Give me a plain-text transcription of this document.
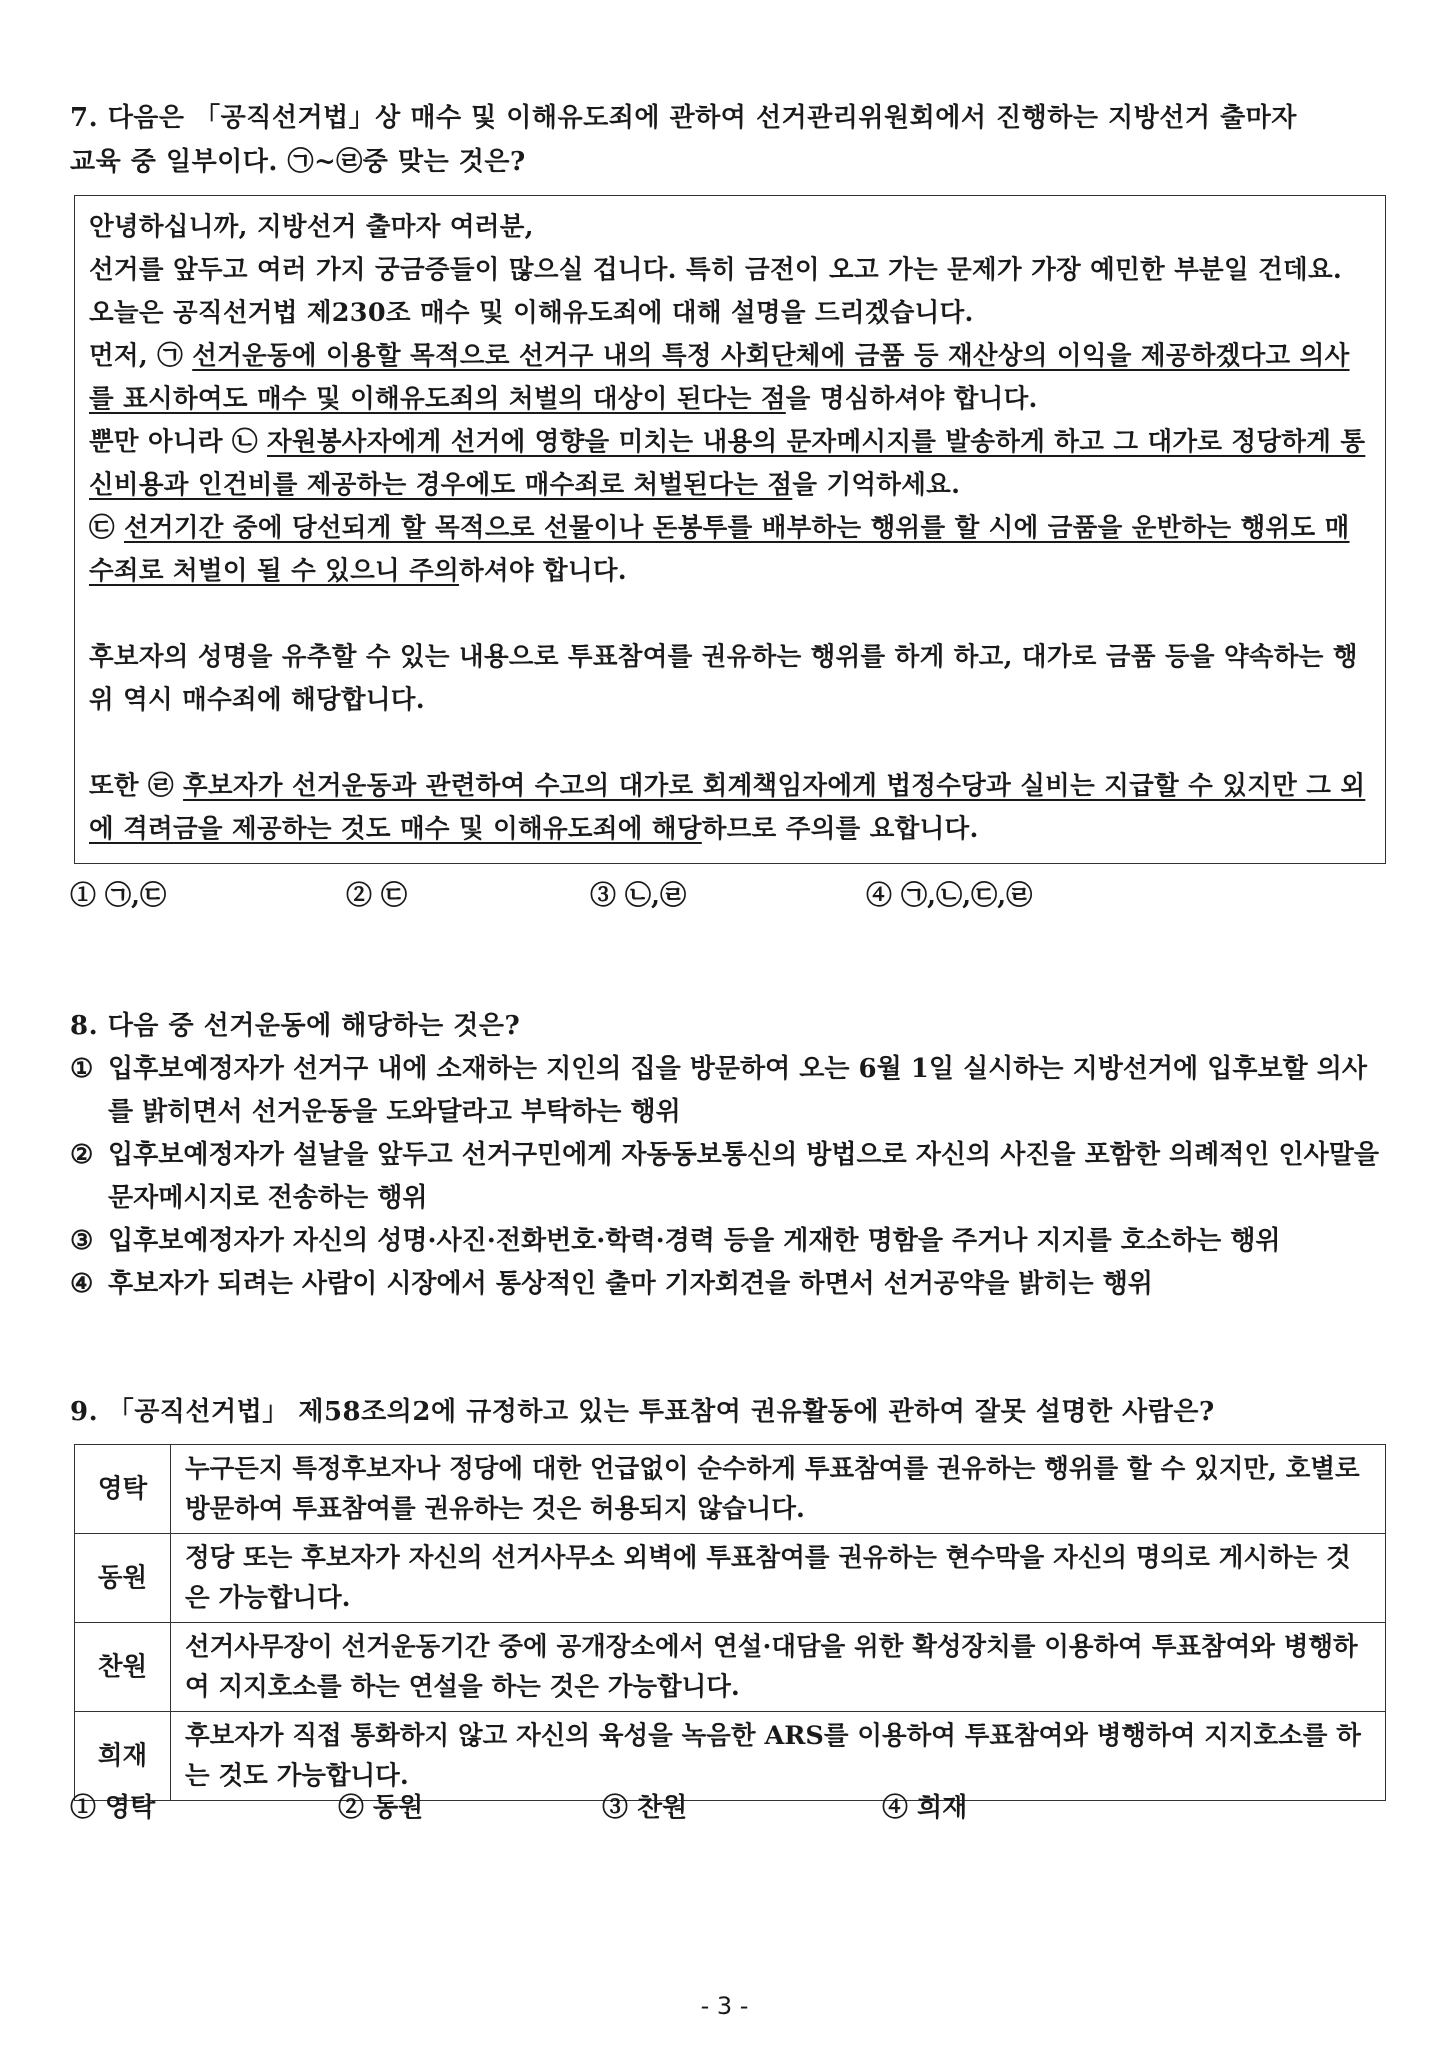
7. 다음은 「공직선거법」상 매수 및 이해유도죄에 관하여 선거관리위원회에서 진행하는 지방선거 출마자

교육 중 일부이다. ㉠~㉣중 맞는 것은?

안녕하십니까, 지방선거 출마자 여러분,

선거를 앞두고 여러 가지 궁금증들이 많으실 겁니다. 특히 금전이 오고 가는 문제가 가장 예민한 부분일 건데요. 오늘은 공직선거법 제230조 매수 및 이해유도죄에 대해 설명을 드리겠습니다.

먼저, ㉠ 선거운동에 이용할 목적으로 선거구 내의 특정 사회단체에 금품 등 재산상의 이익을 제공하겠다고 의사를 표시하여도 매수 및 이해유도죄의 처벌의 대상이 된다는 점을 명심하셔야 합니다.

뿐만 아니라 ㉡ 자원봉사자에게 선거에 영향을 미치는 내용의 문자메시지를 발송하게 하고 그 대가로 정당하게 통신비용과 인건비를 제공하는 경우에도 매수죄로 처벌된다는 점을 기억하세요.

㉢ 선거기간 중에 당선되게 할 목적으로 선물이나 돈봉투를 배부하는 행위를 할 시에 금품을 운반하는 행위도 매수죄로 처벌이 될 수 있으니 주의하셔야 합니다.

후보자의 성명을 유추할 수 있는 내용으로 투표참여를 권유하는 행위를 하게 하고, 대가로 금품 등을 약속하는 행위 역시 매수죄에 해당합니다.

또한 ㉣ 후보자가 선거운동과 관련하여 수고의 대가로 회계책임자에게 법정수당과 실비는 지급할 수 있지만 그 외에 격려금을 제공하는 것도 매수 및 이해유도죄에 해당하므로 주의를 요합니다.

① ㉠,㉢	② ㉢	③ ㉡,㉣	④ ㉠,㉡,㉢,㉣

8. 다음 중 선거운동에 해당하는 것은?

① 입후보예정자가 선거구 내에 소재하는 지인의 집을 방문하여 오는 6월 1일 실시하는 지방선거에 입후보할 의사를 밝히면서 선거운동을 도와달라고 부탁하는 행위
② 입후보예정자가 설날을 앞두고 선거구민에게 자동동보통신의 방법으로 자신의 사진을 포함한 의례적인 인사말을 문자메시지로 전송하는 행위
③ 입후보예정자가 자신의 성명·사진·전화번호·학력·경력 등을 게재한 명함을 주거나 지지를 호소하는 행위
④ 후보자가 되려는 사람이 시장에서 통상적인 출마 기자회견을 하면서 선거공약을 밝히는 행위

9. 「공직선거법」 제58조의2에 규정하고 있는 투표참여 권유활동에 관하여 잘못 설명한 사람은?

영탁	누구든지 특정후보자나 정당에 대한 언급없이 순수하게 투표참여를 권유하는 행위를 할 수 있지만, 호별로 방문하여 투표참여를 권유하는 것은 허용되지 않습니다.
동원	정당 또는 후보자가 자신의 선거사무소 외벽에 투표참여를 권유하는 현수막을 자신의 명의로 게시하는 것은 가능합니다.
찬원	선거사무장이 선거운동기간 중에 공개장소에서 연설·대담을 위한 확성장치를 이용하여 투표참여와 병행하여 지지호소를 하는 연설을 하는 것은 가능합니다.
희재	후보자가 직접 통화하지 않고 자신의 육성을 녹음한 ARS를 이용하여 투표참여와 병행하여 지지호소를 하는 것도 가능합니다.
① 영탁	② 동원	③ 찬원	④ 희재
- 3 -
